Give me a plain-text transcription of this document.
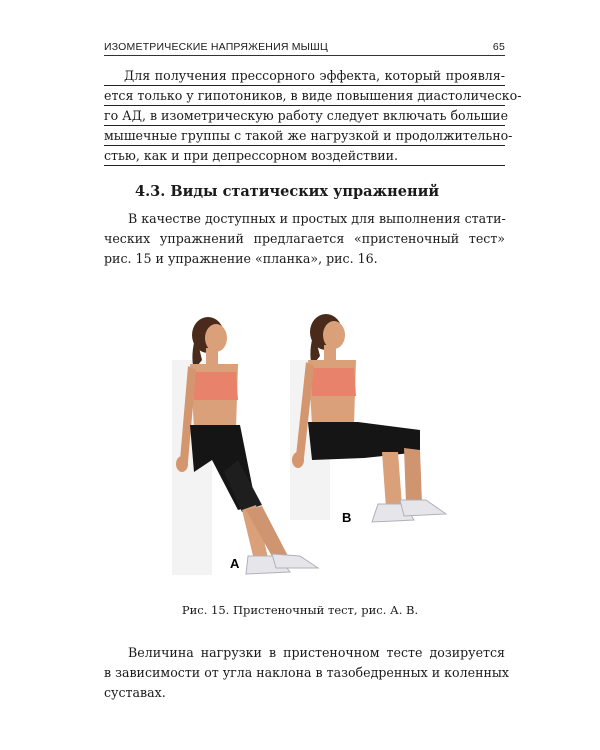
ИЗОМЕТРИЧЕСКИЕ НАПРЯЖЕНИЯ МЫШЦ	65
Для получения прессорного эффекта, который проявля-
ется только у гипотоников, в виде повышения диастолическо-
го АД, в изометрическую работу следует включать большие
мышечные группы с такой же нагрузкой и продолжительно-
стью, как и при депрессорном воздействии.
4.3. Виды статических упражнений
В качестве доступных и простых для выполнения стати-
ческих упражнений предлагается «пристеночный тест»
рис. 15 и упражнение «планка», рис. 16.
A
B
Рис. 15. Пристеночный тест, рис. А. В.
Величина нагрузки в пристеночном тесте дозируется
в зависимости от угла наклона в тазобедренных и коленных
суставах.
